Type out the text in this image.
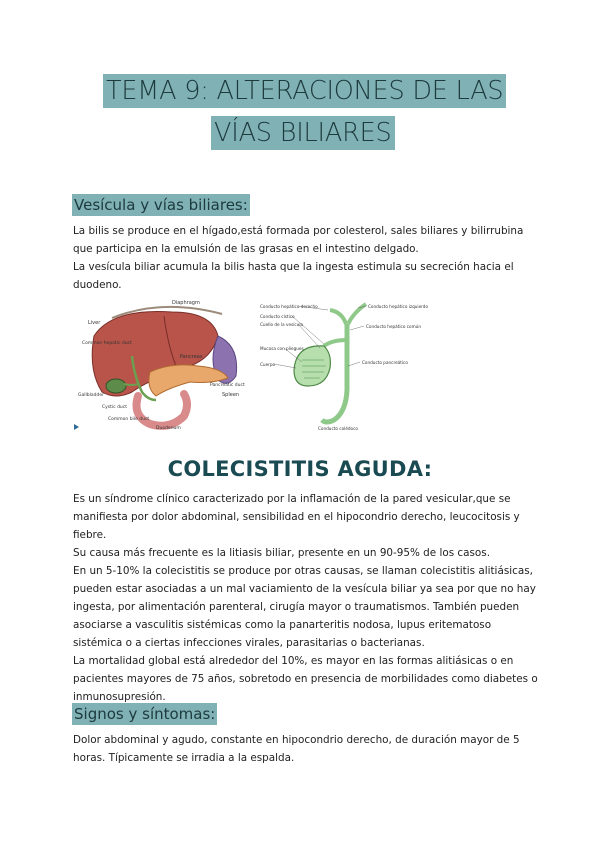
TEMA 9: ALTERACIONES DE LAS
VÍAS BILIARES
Vesícula y vías biliares:

La bilis se produce en el hígado,está formada por colesterol, sales biliares y bilirrubina que participa en la emulsión de las grasas en el intestino delgado.

La vesícula biliar acumula la bilis hasta que la ingesta estimula su secreción hacia el duodeno.

Diaphragm
Liver
Common hepatic duct
Pancreas
Gallbladder
Cystic duct
Common bile duct
Spleen
Pancreatic duct
Duodenum
Conducto hepático derecho
Conducto cístico
Cuello de la vesícula
Mucosa con pliegues
Cuerpo
Conducto hepático izquierdo
Conducto hepático común
Conducto pancreático
Conducto colédoco
COLECISTITIS AGUDA:

Es un síndrome clínico caracterizado por la inflamación de la pared vesicular,que se manifiesta por dolor abdominal, sensibilidad en el hipocondrio derecho, leucocitosis y fiebre.

Su causa más frecuente es la litiasis biliar, presente en un 90-95% de los casos.

En un 5-10% la colecistitis se produce por otras causas, se llaman colecistitis alitiásicas, pueden estar asociadas a un mal vaciamiento de la vesícula biliar ya sea por que no hay ingesta, por alimentación parenteral, cirugía mayor o traumatismos. También pueden asociarse a vasculitis sistémicas como la panarteritis nodosa, lupus eritematoso sistémica o a ciertas infecciones virales, parasitarias o bacterianas.

La mortalidad global está alrededor del 10%, es mayor en las formas alitiásicas o en pacientes mayores de 75 años, sobretodo en presencia de morbilidades como diabetes o inmunosupresión.

Signos y síntomas:

Dolor abdominal y agudo, constante en hipocondrio derecho, de duración mayor de 5 horas. Típicamente se irradia a la espalda.
